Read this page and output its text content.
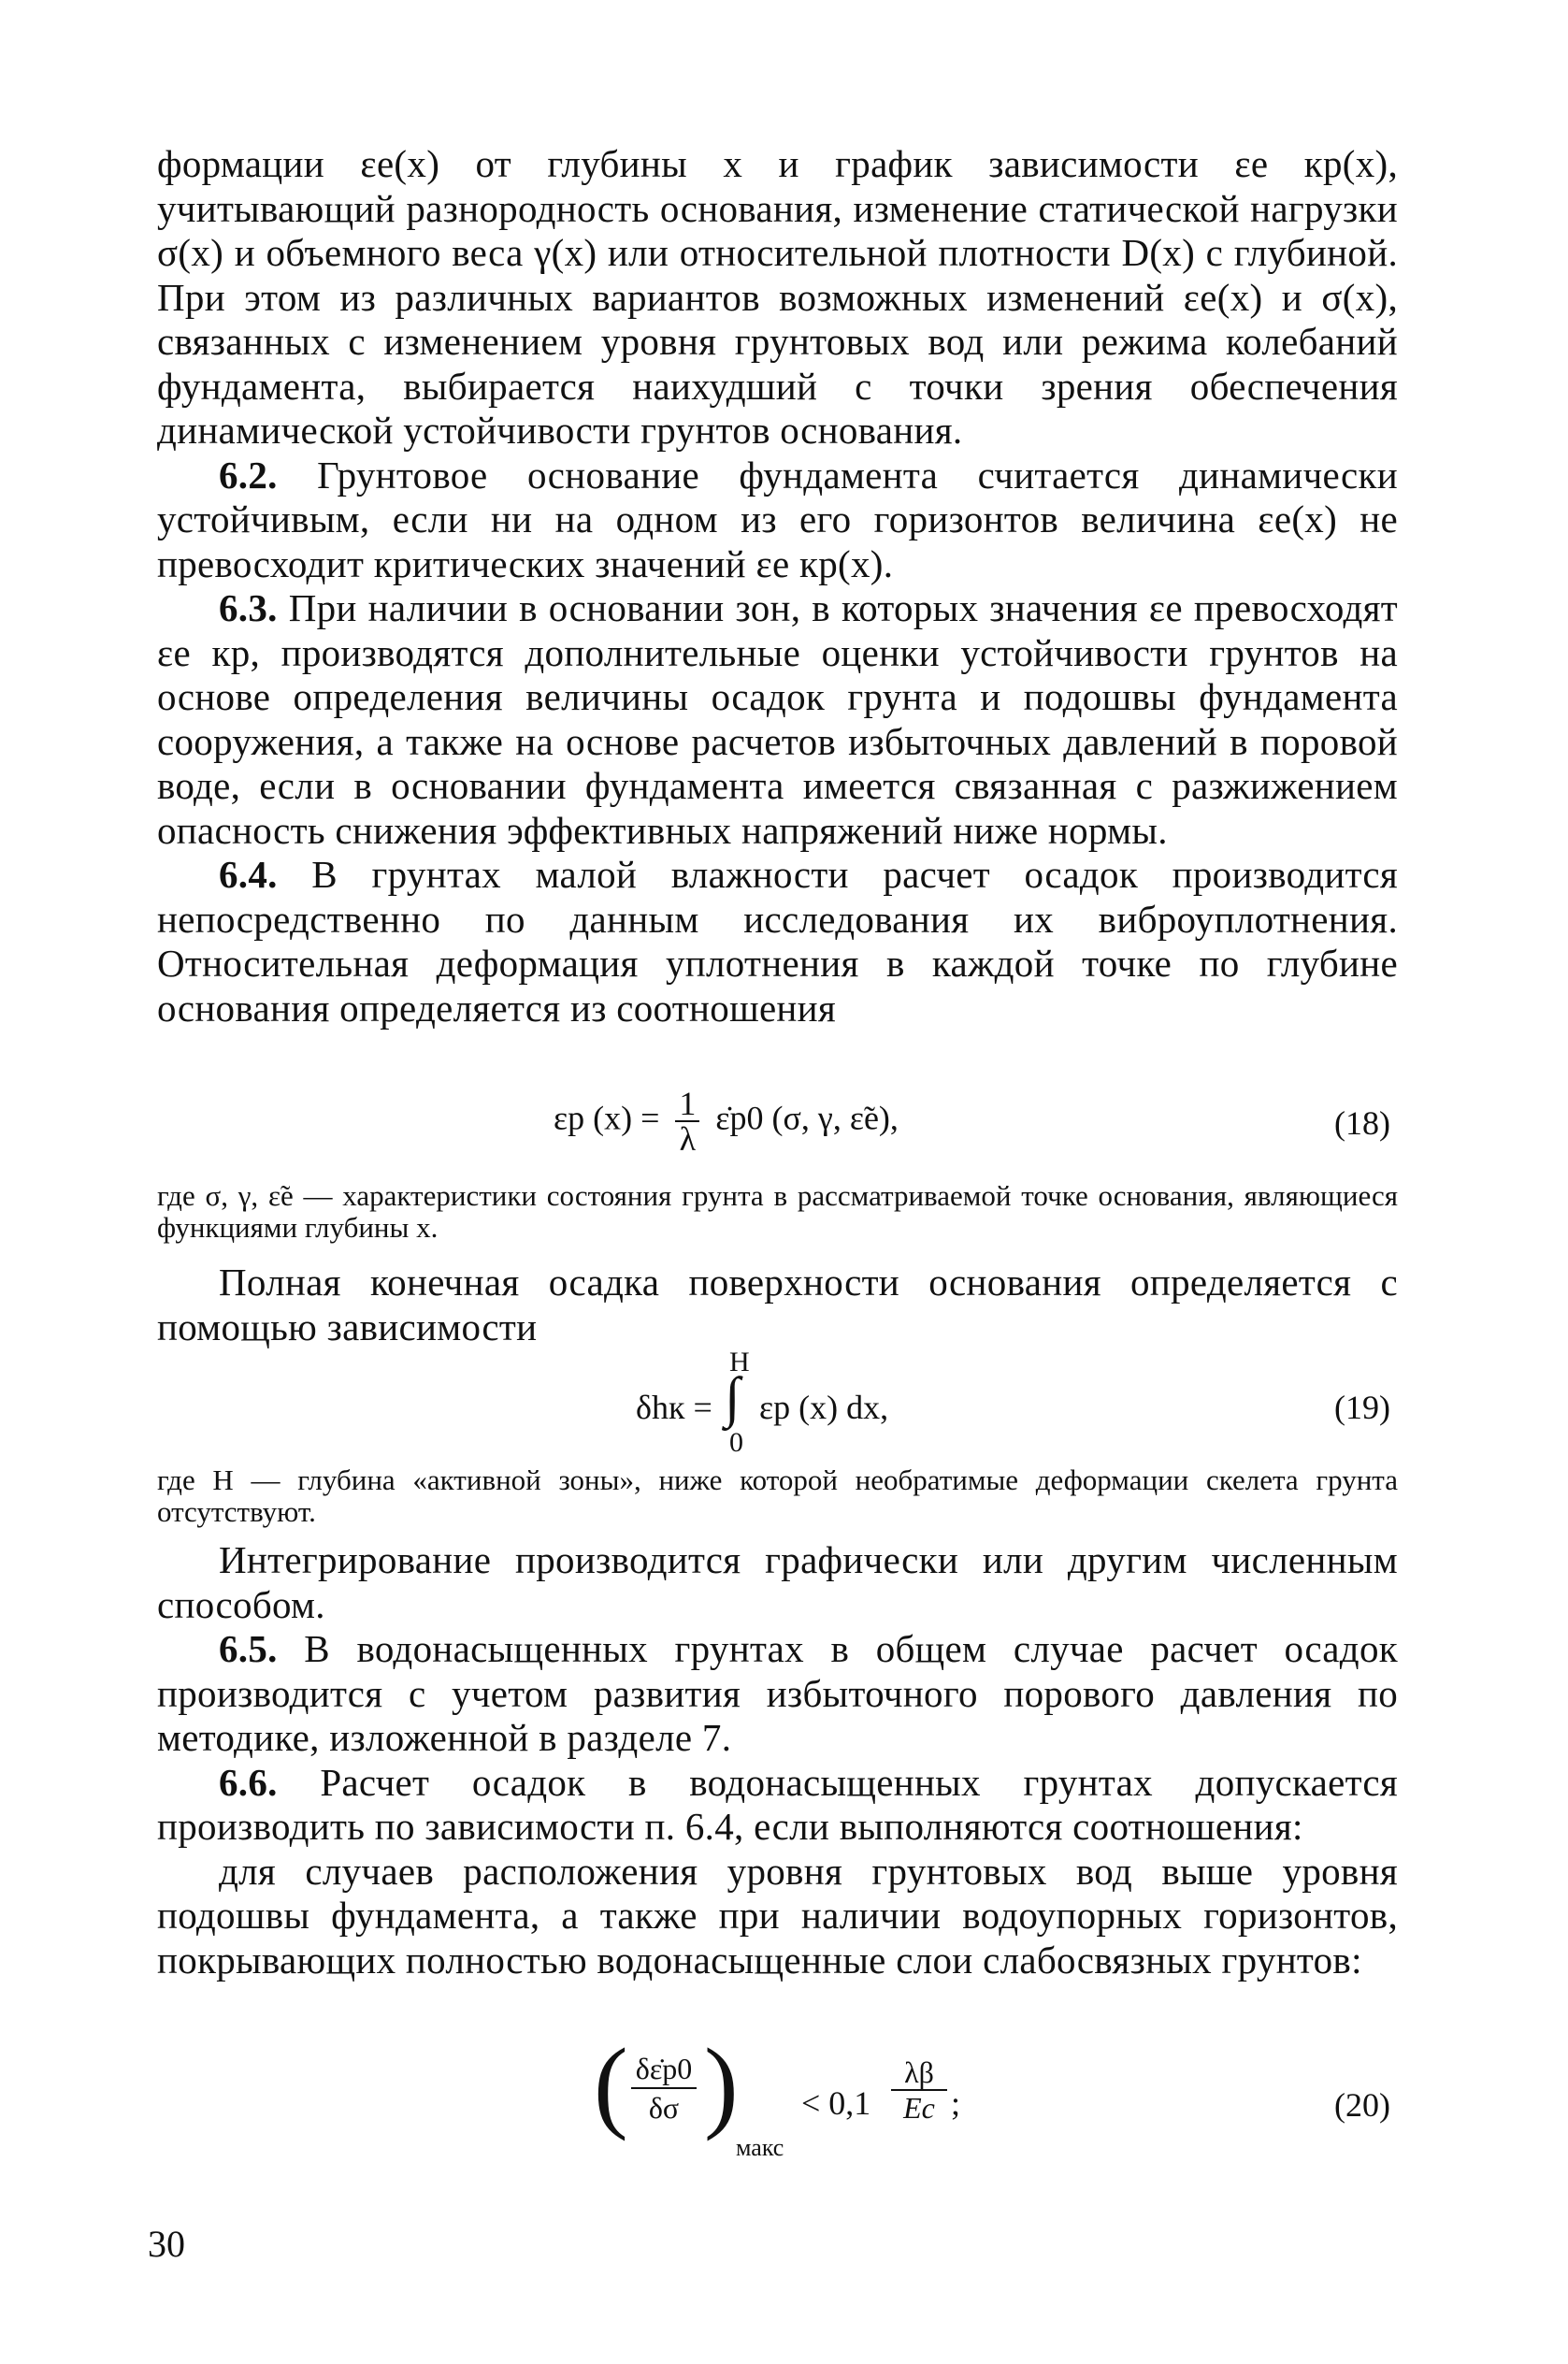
формации εe(x) от глубины x и график зависимости εe кр(x), учитывающий разнородность основания, изменение статической нагрузки σ(x) и объемного веса γ(x) или относительной плотности D(x) с глубиной. При этом из различных вариантов возможных изменений εe(x) и σ(x), связанных с изменением уровня грунтовых вод или режима колебаний фундамента, выбирается наихудший с точки зрения обеспечения динамической устойчивости грунтов основания.

6.2. Грунтовое основание фундамента считается динамически устойчивым, если ни на одном из его горизонтов величина εe(x) не превосходит критических значений εe кр(x).

6.3. При наличии в основании зон, в которых значения εe превосходят εe кр, производятся дополнительные оценки устойчивости грунтов на основе определения величины осадок грунта и подошвы фундамента сооружения, а также на основе расчетов избыточных давлений в поровой воде, если в основании фундамента имеется связанная с разжижением опасность снижения эффективных напряжений ниже нормы.

6.4. В грунтах малой влажности расчет осадок производится непосредственно по данным исследования их виброуплотнения. Относительная деформация уплотнения в каждой точке по глубине основания определяется из соотношения

εp $(x) = \frac{1}{\lambda}$ ε̇p0 (σ, γ, ε̃e),	(18)

где σ, γ, ε̃e — характеристики состояния грунта в рассматриваемой точке основания, являющиеся функциями глубины x.

Полная конечная осадка поверхности основания определяется с помощью зависимости

δhк =
H
∫
0
εp (x) dx,	(19)

где H — глубина «активной зоны», ниже которой необратимые деформации скелета грунта отсутствуют.

Интегрирование производится графически или другим численным способом.

6.5. В водонасыщенных грунтах в общем случае расчет осадок производится с учетом развития избыточного порового давления по методике, изложенной в разделе 7.

6.6. Расчет осадок в водонасыщенных грунтах допускается производить по зависимости п. 6.4, если выполняются соотношения:

для случаев расположения уровня грунтовых вод выше уровня подошвы фундамента, а также при наличии водоупорных горизонтов, покрывающих полностью водонасыщенные слои слабосвязных грунтов:

( $\frac{\delta\varepsiloṅp0}{\delta\sigma}$ )
макс
< $0,1 \frac{\lambda\beta}{Ec}$ ;	(20)
30
